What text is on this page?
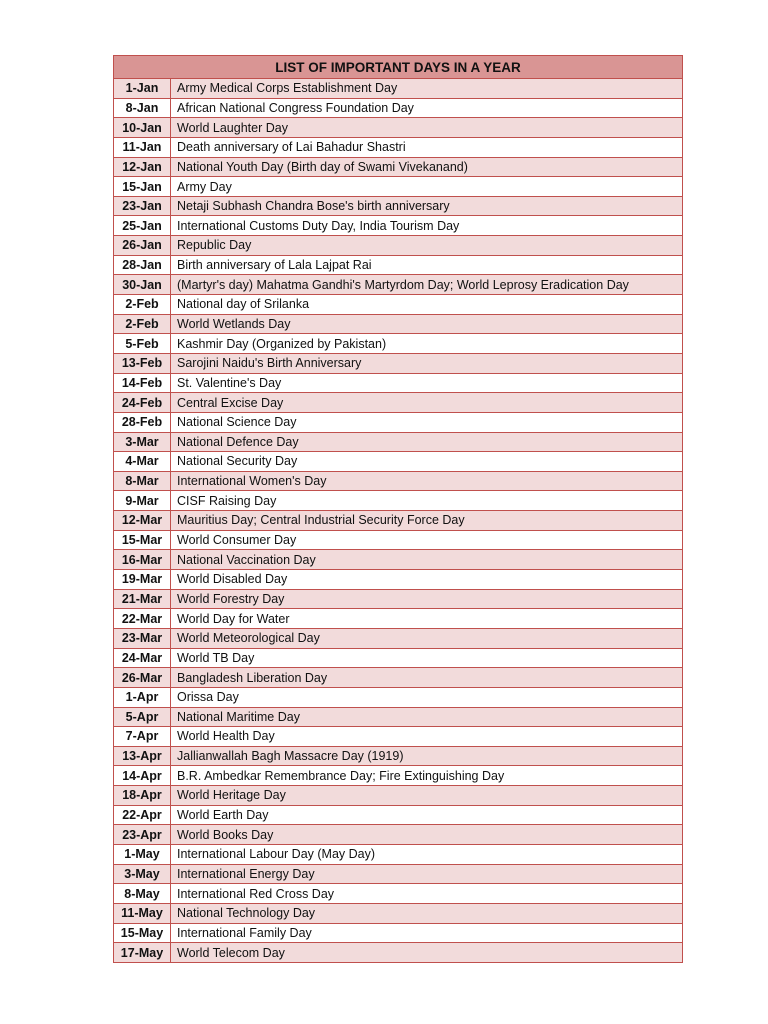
LIST OF IMPORTANT DAYS IN A YEAR	
1-Jan	Army Medical Corps Establishment Day
8-Jan	African National Congress Foundation Day
10-Jan	World Laughter Day
11-Jan	Death anniversary of Lai Bahadur Shastri
12-Jan	National Youth Day (Birth day of Swami Vivekanand)
15-Jan	Army Day
23-Jan	Netaji Subhash Chandra Bose's birth anniversary
25-Jan	International Customs Duty Day, India Tourism Day
26-Jan	Republic Day
28-Jan	Birth anniversary of Lala Lajpat Rai
30-Jan	(Martyr's day) Mahatma Gandhi's Martyrdom Day; World Leprosy Eradication Day
2-Feb	National day of Srilanka
2-Feb	World Wetlands Day
5-Feb	Kashmir Day (Organized by Pakistan)
13-Feb	Sarojini Naidu's Birth Anniversary
14-Feb	St. Valentine's Day
24-Feb	Central Excise Day
28-Feb	National Science Day
3-Mar	National Defence Day
4-Mar	National Security Day
8-Mar	International Women's Day
9-Mar	CISF Raising Day
12-Mar	Mauritius Day; Central Industrial Security Force Day
15-Mar	World Consumer Day
16-Mar	National Vaccination Day
19-Mar	World Disabled Day
21-Mar	World Forestry Day
22-Mar	World Day for Water
23-Mar	World Meteorological Day
24-Mar	World TB Day
26-Mar	Bangladesh Liberation Day
1-Apr	Orissa Day
5-Apr	National Maritime Day
7-Apr	World Health Day
13-Apr	Jallianwallah Bagh Massacre Day (1919)
14-Apr	B.R. Ambedkar Remembrance Day; Fire Extinguishing Day
18-Apr	World Heritage Day
22-Apr	World Earth Day
23-Apr	World Books Day
1-May	International Labour Day (May Day)
3-May	International Energy Day
8-May	International Red Cross Day
11-May	National Technology Day
15-May	International Family Day
17-May	World Telecom Day
